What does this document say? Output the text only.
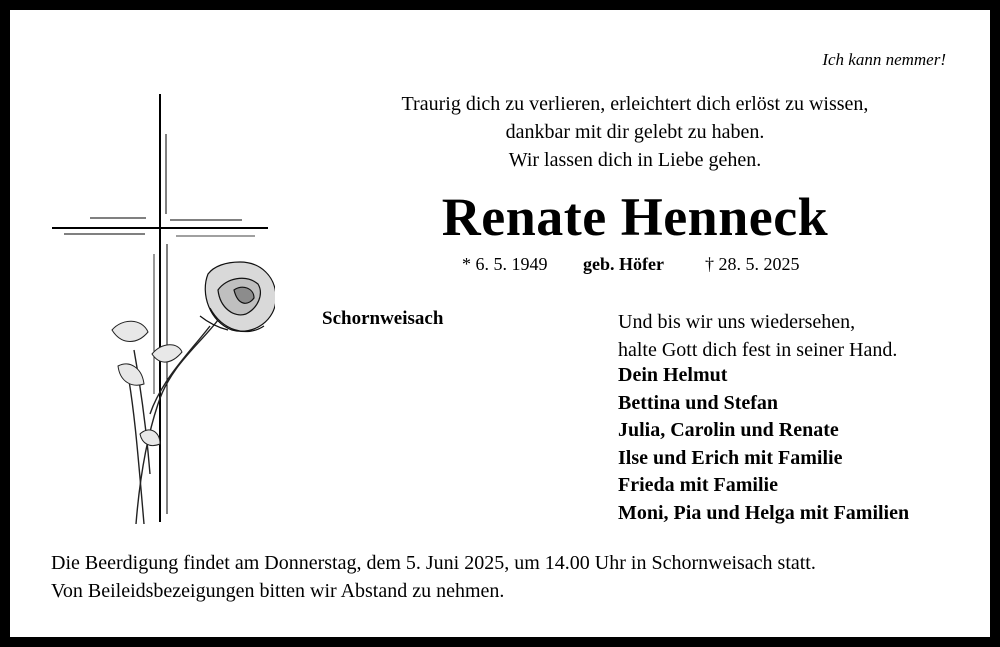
Ich kann nemmer!
Traurig dich zu verlieren, erleichtert dich erlöst zu wissen,
dankbar mit dir gelebt zu haben.
Wir lassen dich in Liebe gehen.
Renate Henneck
* 6. 5. 1949 geb. Höfer † 28. 5. 2025
Schornweisach	Und bis wir uns wiedersehen,
halte Gott dich fest in seiner Hand.
Dein Helmut
Bettina und Stefan
Julia, Carolin und Renate
Ilse und Erich mit Familie
Frieda mit Familie
Moni, Pia und Helga mit Familien
Die Beerdigung findet am Donnerstag, dem 5. Juni 2025, um 14.00 Uhr in Schornweisach statt.
Von Beileidsbezeigungen bitten wir Abstand zu nehmen.
